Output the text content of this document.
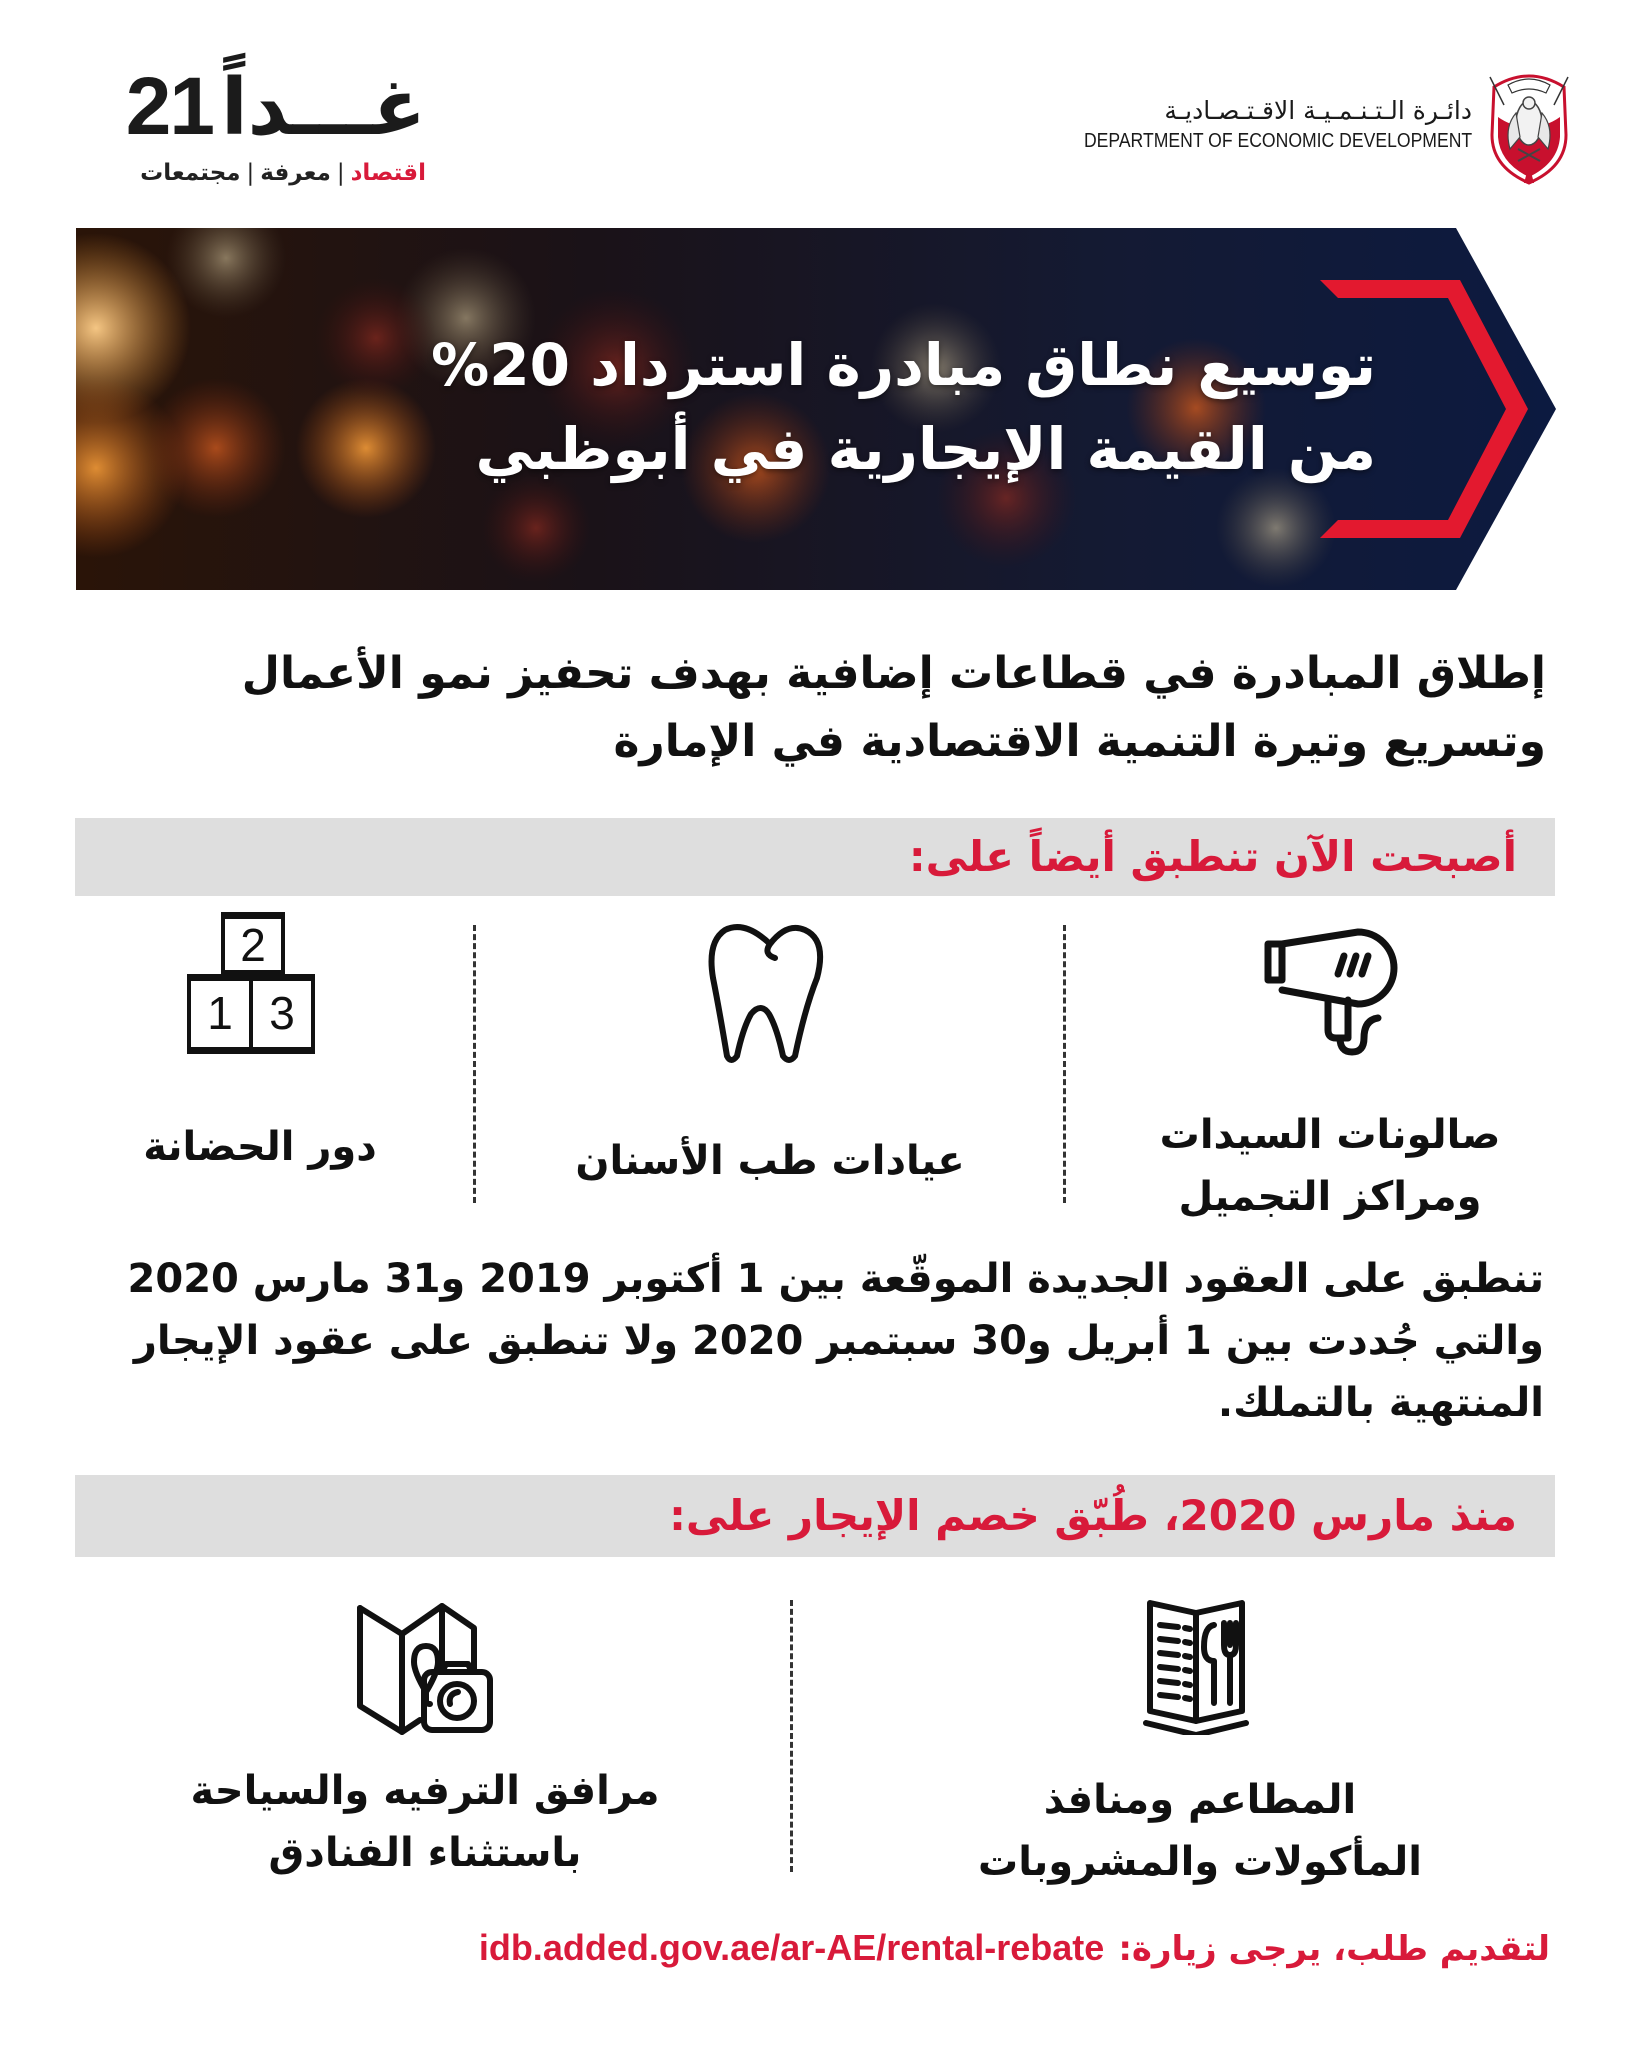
غـــداً21
اقتصاد|معرفة|مجتمعات
دائـرة الـتـنـمـيـة الاقـتـصـاديـة
DEPARTMENT OF ECONOMIC DEVELOPMENT
توسيع نطاق مبادرة استرداد 20%
من القيمة الإيجارية في أبوظبي
إطلاق المبادرة في قطاعات إضافية بهدف تحفيز نمو الأعمال
وتسريع وتيرة التنمية الاقتصادية في الإمارة
أصبحت الآن تنطبق أيضاً على:
صالونات السيدات
ومراكز التجميل
عيادات طب الأسنان
2
1 3
دور الحضانة
تنطبق على العقود الجديدة الموقّعة بين 1 أكتوبر 2019 و31 مارس 2020
والتي جُددت بين 1 أبريل و30 سبتمبر 2020 ولا تنطبق على عقود الإيجار
المنتهية بالتملك.
منذ مارس 2020، طُبّق خصم الإيجار على:
المطاعم ومنافذ
المأكولات والمشروبات
مرافق الترفيه والسياحة
باستثناء الفنادق
لتقديم طلب، يرجى زيارة:idb.added.gov.ae/ar-AE/rental-rebate
